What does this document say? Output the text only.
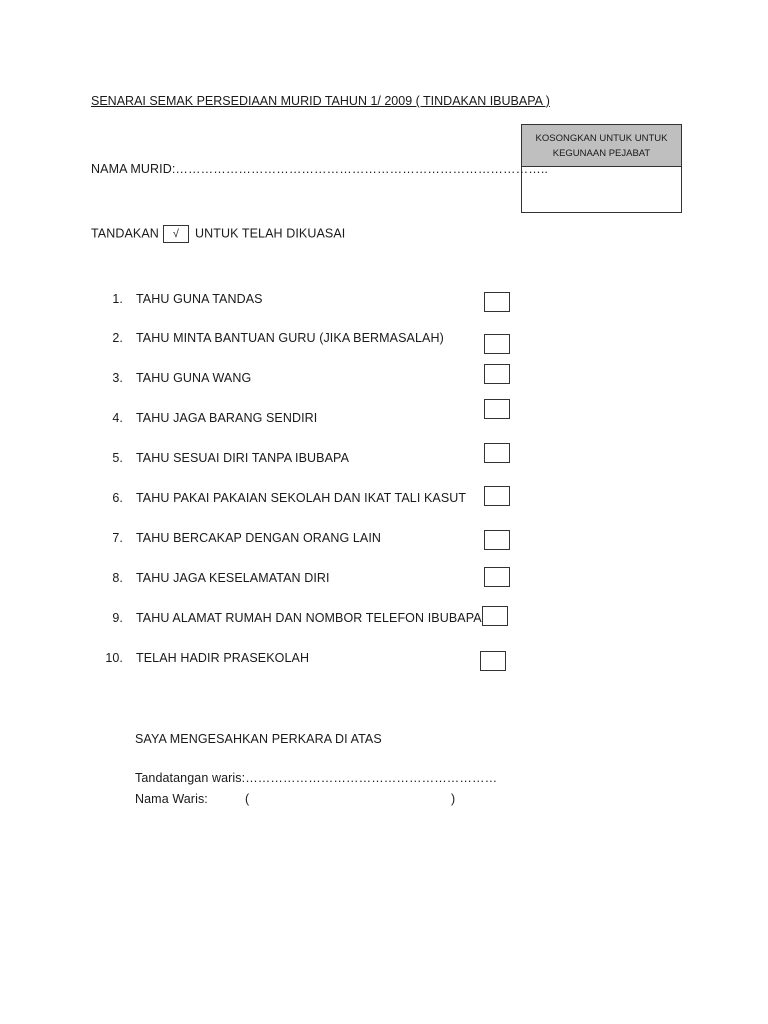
SENARAI SEMAK PERSEDIAAN MURID TAHUN 1/ 2009 ( TINDAKAN IBUBAPA )
KOSONGKAN UNTUK UNTUK KEGUNAAN PEJABAT
NAMA MURID:……………………………………………………………………………..
TANDAKAN √ UNTUK TELAH DIKUASAI
1. TAHU GUNA TANDAS
2. TAHU MINTA BANTUAN GURU (JIKA BERMASALAH)
3. TAHU GUNA WANG
4. TAHU JAGA BARANG SENDIRI
5. TAHU SESUAI DIRI TANPA IBUBAPA
6. TAHU PAKAI PAKAIAN SEKOLAH DAN IKAT TALI KASUT
7. TAHU BERCAKAP DENGAN ORANG LAIN
8. TAHU JAGA KESELAMATAN DIRI
9. TAHU ALAMAT RUMAH DAN NOMBOR TELEFON IBUBAPA
10. TELAH HADIR PRASEKOLAH
SAYA MENGESAHKAN PERKARA DI ATAS
Tandatangan waris:……………………………………………………
Nama Waris:	(	)
